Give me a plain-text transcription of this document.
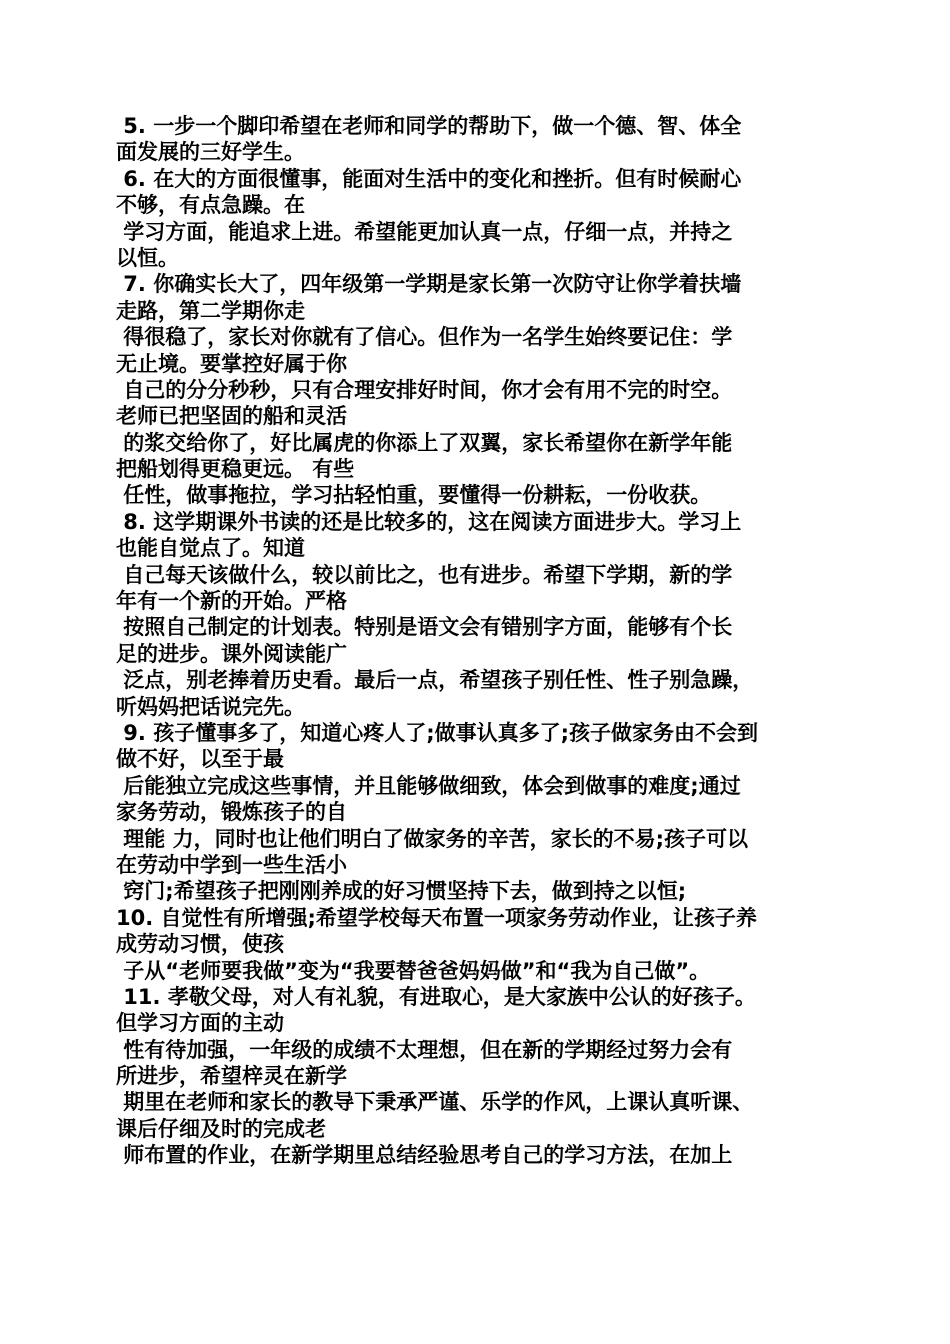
5. 一步一个脚印希望在老师和同学的帮助下，做一个德、智、体全
面发展的三好学生。
6. 在大的方面很懂事，能面对生活中的变化和挫折。但有时候耐心
不够，有点急躁。在
学习方面，能追求上进。希望能更加认真一点，仔细一点，并持之
以恒。
7. 你确实长大了，四年级第一学期是家长第一次防守让你学着扶墙
走路，第二学期你走
得很稳了，家长对你就有了信心。但作为一名学生始终要记住：学
无止境。要掌控好属于你
自己的分分秒秒，只有合理安排好时间，你才会有用不完的时空。
老师已把坚固的船和灵活
的浆交给你了，好比属虎的你添上了双翼，家长希望你在新学年能
把船划得更稳更远。 有些
任性，做事拖拉，学习拈轻怕重，要懂得一份耕耘，一份收获。
8. 这学期课外书读的还是比较多的，这在阅读方面进步大。学习上
也能自觉点了。知道
自己每天该做什么，较以前比之，也有进步。希望下学期，新的学
年有一个新的开始。严格
按照自己制定的计划表。特别是语文会有错别字方面，能够有个长
足的进步。课外阅读能广
泛点，别老捧着历史看。最后一点，希望孩子别任性、性子别急躁，
听妈妈把话说完先。
9. 孩子懂事多了，知道心疼人了;做事认真多了;孩子做家务由不会到
做不好，以至于最
后能独立完成这些事情，并且能够做细致，体会到做事的难度;通过
家务劳动，锻炼孩子的自
理能 力，同时也让他们明白了做家务的辛苦，家长的不易;孩子可以
在劳动中学到一些生活小
窍门;希望孩子把刚刚养成的好习惯坚持下去，做到持之以恒;
10. 自觉性有所增强;希望学校每天布置一项家务劳动作业，让孩子养
成劳动习惯，使孩
子从“老师要我做”变为“我要替爸爸妈妈做”和“我为自己做”。
11. 孝敬父母，对人有礼貌，有进取心，是大家族中公认的好孩子。
但学习方面的主动
性有待加强，一年级的成绩不太理想，但在新的学期经过努力会有
所进步，希望梓灵在新学
期里在老师和家长的教导下秉承严谨、乐学的作风，上课认真听课、
课后仔细及时的完成老
师布置的作业，在新学期里总结经验思考自己的学习方法，在加上
